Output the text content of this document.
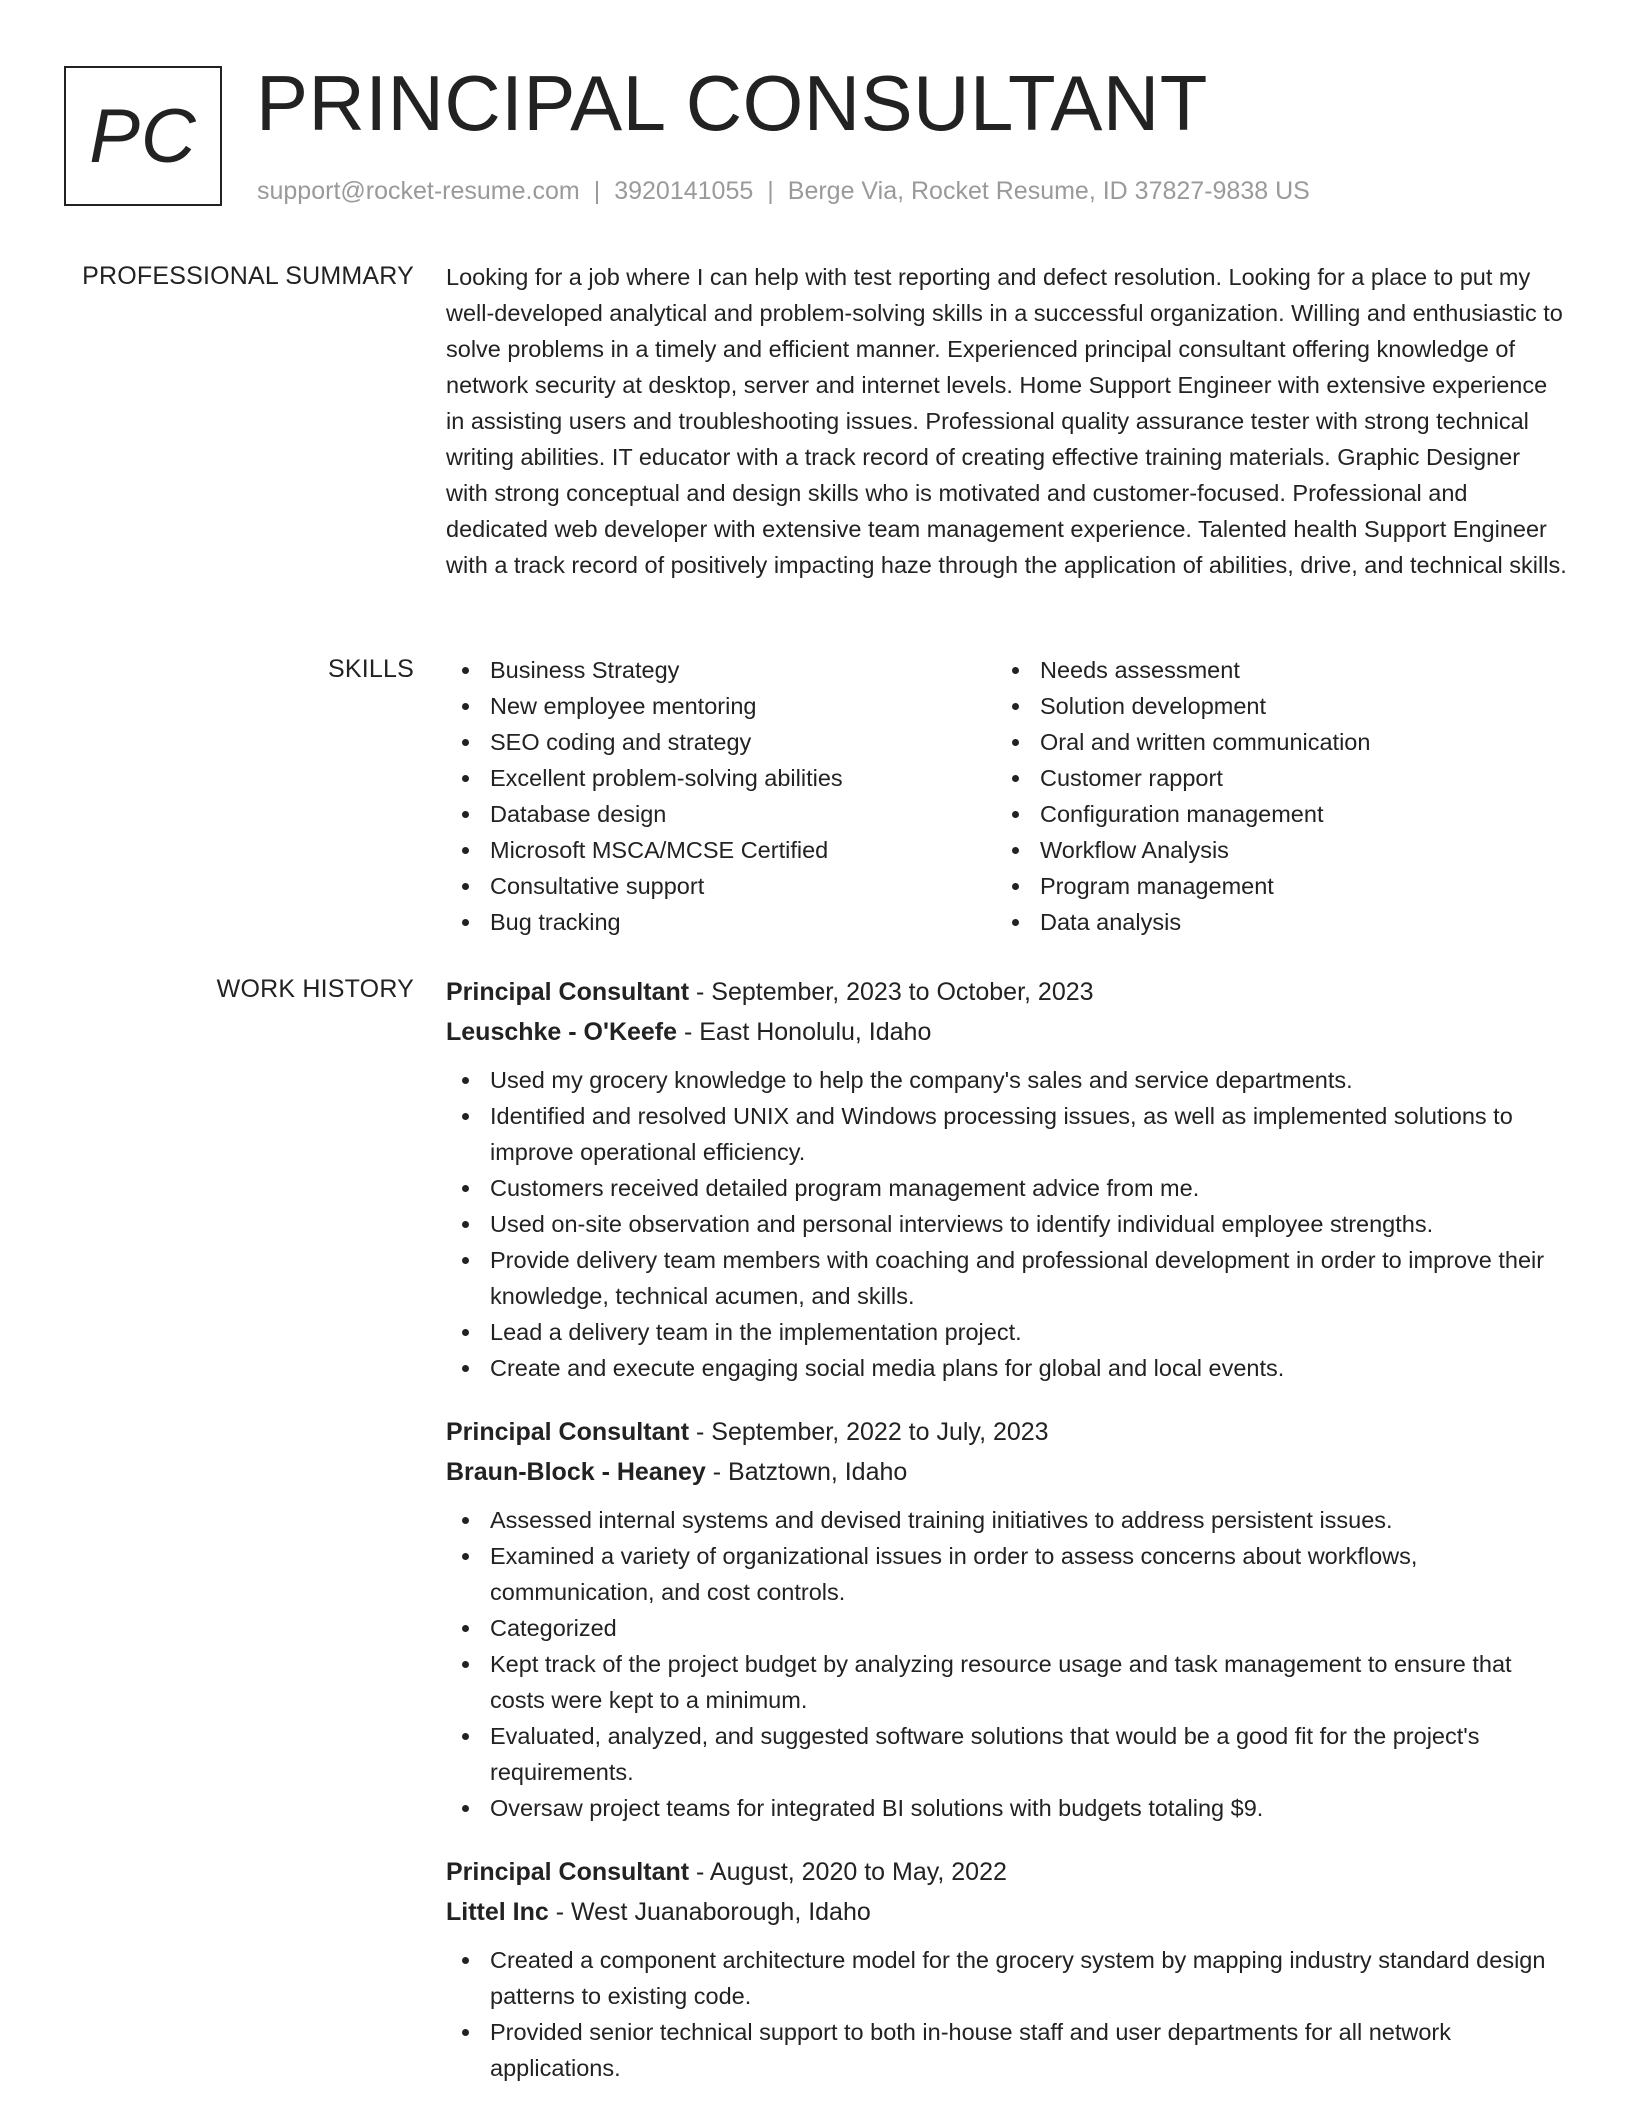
PC PRINCIPAL CONSULTANT
support@rocket-resume.com | 3920141055 | Berge Via, Rocket Resume, ID 37827-9838 US
PROFESSIONAL SUMMARY Looking for a job where I can help with test reporting and defect resolution. Looking for a place to put my well-developed analytical and problem-solving skills in a successful organization. Willing and enthusiastic to solve problems in a timely and efficient manner. Experienced principal consultant offering knowledge of network security at desktop, server and internet levels. Home Support Engineer with extensive experience in assisting users and troubleshooting issues. Professional quality assurance tester with strong technical writing abilities. IT educator with a track record of creating effective training materials. Graphic Designer with strong conceptual and design skills who is motivated and customer-focused. Professional and dedicated web developer with extensive team management experience. Talented health Support Engineer with a track record of positively impacting haze through the application of abilities, drive, and technical skills.

SKILLS	Business Strategy
New employee mentoring
SEO coding and strategy
Excellent problem-solving abilities
Database design
Microsoft MSCA/MCSE Certified
Consultative support
Bug tracking
Needs assessment
Solution development
Oral and written communication
Customer rapport
Configuration management
Workflow Analysis
Program management
Data analysis
WORK HISTORY Principal Consultant - September, 2023 to October, 2023
Leuschke - O'Keefe - East Honolulu, Idaho
Used my grocery knowledge to help the company's sales and service departments.
Identified and resolved UNIX and Windows processing issues, as well as implemented solutions to improve operational efficiency.
Customers received detailed program management advice from me.
Used on-site observation and personal interviews to identify individual employee strengths.
Provide delivery team members with coaching and professional development in order to improve their knowledge, technical acumen, and skills.
Lead a delivery team in the implementation project.
Create and execute engaging social media plans for global and local events.
Principal Consultant - September, 2022 to July, 2023
Braun-Block - Heaney - Batztown, Idaho
Assessed internal systems and devised training initiatives to address persistent issues.
Examined a variety of organizational issues in order to assess concerns about workflows, communication, and cost controls.
Categorized
Kept track of the project budget by analyzing resource usage and task management to ensure that costs were kept to a minimum.
Evaluated, analyzed, and suggested software solutions that would be a good fit for the project's requirements.
Oversaw project teams for integrated BI solutions with budgets totaling $9.
Principal Consultant - August, 2020 to May, 2022
Littel Inc - West Juanaborough, Idaho
Created a component architecture model for the grocery system by mapping industry standard design patterns to existing code.
Provided senior technical support to both in-house staff and user departments for all network applications.
